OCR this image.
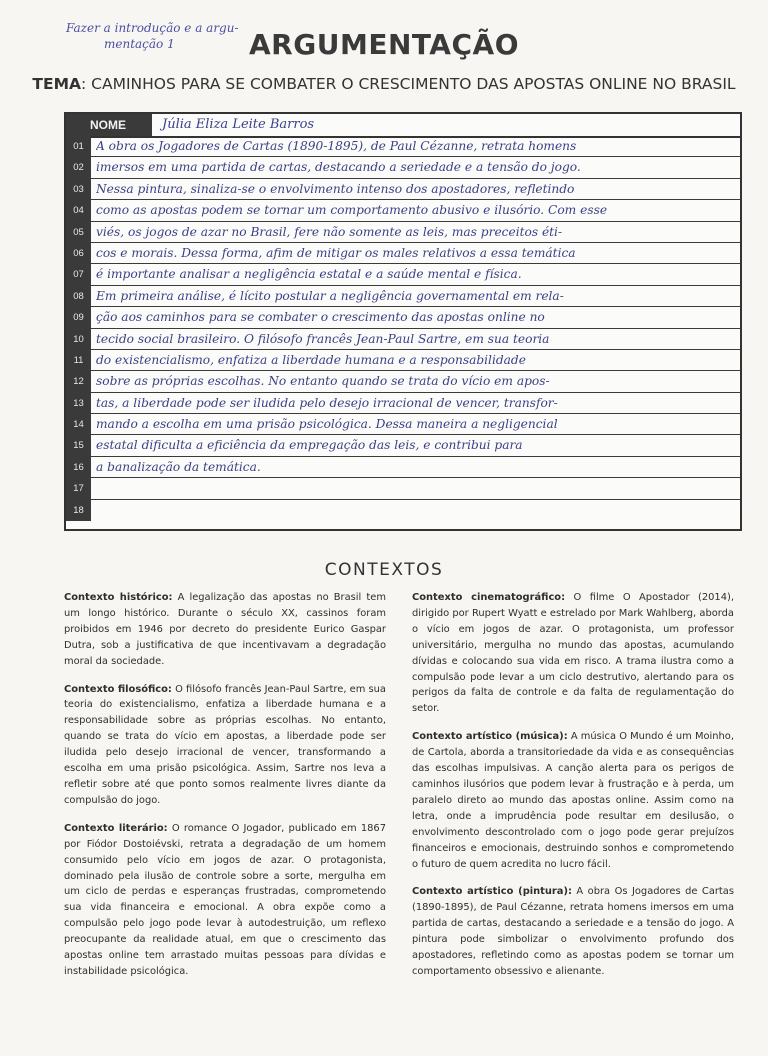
Fazer a introdução e a argu-
mentação 1	ARGUMENTAÇÃO
TEMA: CAMINHOS PARA SE COMBATER O CRESCIMENTO DAS APOSTAS ONLINE NO BRASIL
NOME	Júlia Eliza Leite Barros
01	A obra os Jogadores de Cartas (1890-1895), de Paul Cézanne, retrata homens
02	imersos em uma partida de cartas, destacando a seriedade e a tensão do jogo.
03	Nessa pintura, sinaliza-se o envolvimento intenso dos apostadores, refletindo
04	como as apostas podem se tornar um comportamento abusivo e ilusório. Com esse
05	viés, os jogos de azar no Brasil, fere não somente as leis, mas preceitos éti-
06	cos e morais. Dessa forma, afim de mitigar os males relativos a essa temática
07	é importante analisar a negligência estatal e a saúde mental e física.
08	Em primeira análise, é lícito postular a negligência governamental em rela-
09	ção aos caminhos para se combater o crescimento das apostas online no
10	tecido social brasileiro. O filósofo francês Jean-Paul Sartre, em sua teoria
11	do existencialismo, enfatiza a liberdade humana e a responsabilidade
12	sobre as próprias escolhas. No entanto quando se trata do vício em apos-
13	tas, a liberdade pode ser iludida pelo desejo irracional de vencer, transfor-
14	mando a escolha em uma prisão psicológica. Dessa maneira a negligencial
15	estatal dificulta a eficiência da empregação das leis, e contribui para
16	a banalização da temática.
17
18
CONTEXTOS
Contexto histórico: A legalização das apostas no Brasil tem um longo histórico. Durante o século XX, cassinos foram proibidos em 1946 por decreto do presidente Eurico Gaspar Dutra, sob a justificativa de que incentivavam a degradação moral da sociedade.
Contexto filosófico: O filósofo francês Jean-Paul Sartre, em sua teoria do existencialismo, enfatiza a liberdade humana e a responsabilidade sobre as próprias escolhas. No entanto, quando se trata do vício em apostas, a liberdade pode ser iludida pelo desejo irracional de vencer, transformando a escolha em uma prisão psicológica. Assim, Sartre nos leva a refletir sobre até que ponto somos realmente livres diante da compulsão do jogo.
Contexto literário: O romance O Jogador, publicado em 1867 por Fiódor Dostoiévski, retrata a degradação de um homem consumido pelo vício em jogos de azar. O protagonista, dominado pela ilusão de controle sobre a sorte, mergulha em um ciclo de perdas e esperanças frustradas, comprometendo sua vida financeira e emocional. A obra expõe como a compulsão pelo jogo pode levar à autodestruição, um reflexo preocupante da realidade atual, em que o crescimento das apostas online tem arrastado muitas pessoas para dívidas e instabilidade psicológica.
Contexto cinematográfico: O filme O Apostador (2014), dirigido por Rupert Wyatt e estrelado por Mark Wahlberg, aborda o vício em jogos de azar. O protagonista, um professor universitário, mergulha no mundo das apostas, acumulando dívidas e colocando sua vida em risco. A trama ilustra como a compulsão pode levar a um ciclo destrutivo, alertando para os perigos da falta de controle e da falta de regulamentação do setor.
Contexto artístico (música): A música O Mundo é um Moinho, de Cartola, aborda a transitoriedade da vida e as consequências das escolhas impulsivas. A canção alerta para os perigos de caminhos ilusórios que podem levar à frustração e à perda, um paralelo direto ao mundo das apostas online. Assim como na letra, onde a imprudência pode resultar em desilusão, o envolvimento descontrolado com o jogo pode gerar prejuízos financeiros e emocionais, destruindo sonhos e comprometendo o futuro de quem acredita no lucro fácil.
Contexto artístico (pintura): A obra Os Jogadores de Cartas (1890-1895), de Paul Cézanne, retrata homens imersos em uma partida de cartas, destacando a seriedade e a tensão do jogo. A pintura pode simbolizar o envolvimento profundo dos apostadores, refletindo como as apostas podem se tornar um comportamento obsessivo e alienante.
